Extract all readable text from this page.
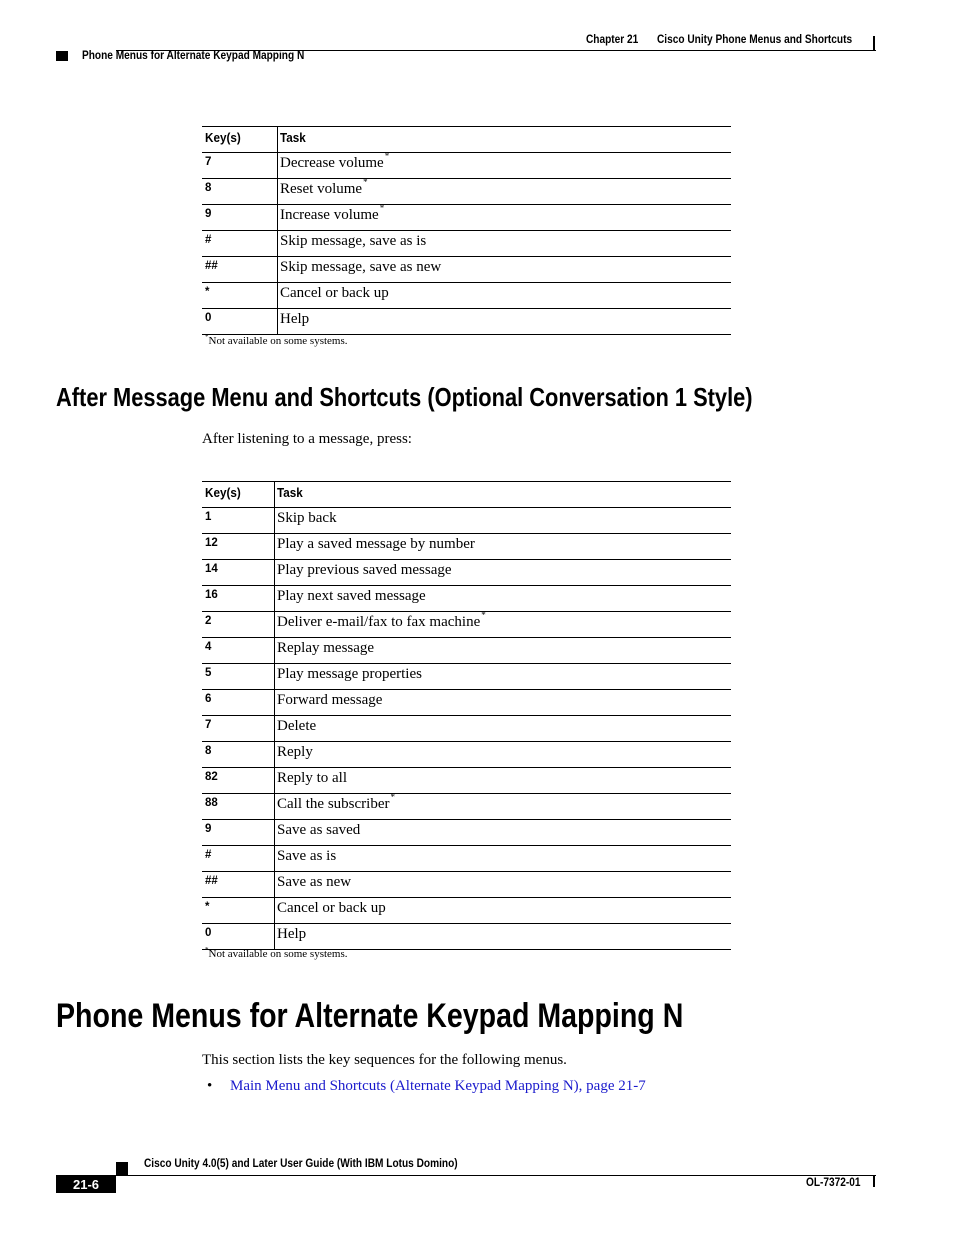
Chapter 21 Cisco Unity Phone Menus and Shortcuts
Phone Menus for Alternate Keypad Mapping N
Key(s)	Task
7	Decrease volume*
8	Reset volume*
9	Increase volume*
#	Skip message, save as is
##	Skip message, save as new
*	Cancel or back up
0	Help
*Not available on some systems.
After Message Menu and Shortcuts (Optional Conversation 1 Style)
After listening to a message, press:
Key(s)	Task
1	Skip back
12	Play a saved message by number
14	Play previous saved message
16	Play next saved message
2	Deliver e-mail/fax to fax machine*
4	Replay message
5	Play message properties
6	Forward message
7	Delete
8	Reply
82	Reply to all
88	Call the subscriber*
9	Save as saved
#	Save as is
##	Save as new
*	Cancel or back up
0	Help
*Not available on some systems.
Phone Menus for Alternate Keypad Mapping N
This section lists the key sequences for the following menus.
• Main Menu and Shortcuts (Alternate Keypad Mapping N), page 21-7
21-6
Cisco Unity 4.0(5) and Later User Guide (With IBM Lotus Domino)
OL-7372-01
